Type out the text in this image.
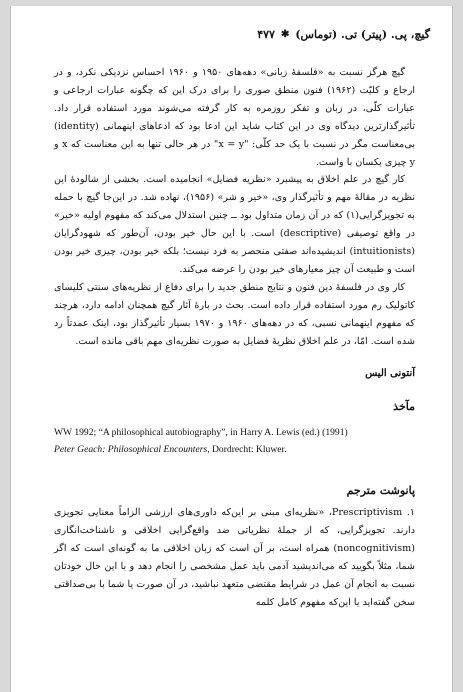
گیچ، پی. (پیتر) تی. (توماس)
✱
۴۷۷

گیچ هرگز نسبت به «فلسفهٔ زبانی» دهه‌های ۱۹۵۰ و ۱۹۶۰ احساس نزدیکی نکرد، و در ارجاع و کلیّت (۱۹۶۲) فنون منطق صوری را برای درک این که چگونه عبارات ارجاعی و عبارات کلّی، در زبان و تفکر روزمره به کار گرفته می‌شوند مورد استفاده قرار داد. تأثیرگذارترین دیدگاه وی در این کتاب شاید این ادعا بود که ادعاهای اینهمانی (identity) بی‌معناست مگر در نسبت با یک حد کلّی: "x = y" در هر حالی تنها به این معناست که x و y چیزی یکسان با واست.

کار گیچ در علم اخلاق به پیشبرد «نظریه فضایل» انجامیده است. بخشی از شالودهٔ این نظریه در مقالهٔ مهم و تأثیرگذار وی، «خیر و شر» (۱۹۵۶)، نهاده شد. در این‌جا گیچ با حمله به تجویزگرایی(۱) که در آن زمان متداول بود ــ چنین استدلال می‌کند که مفهوم اولیه «خیر» در واقع توصیفی (descriptive) است. با این حال خیر بودن، آن‌طور که شهودگرایان (intuitionists) اندیشیده‌اند صفتی منحصر به فرد نیست؛ بلکه خیر بودن، چیزی خیر بودن است و طبیعت آن چیز معیارهای خیر بودن را عرضه می‌کند.

کار وی در فلسفهٔ دین فنون و نتایج منطق جدید را برای دفاع از نظریه‌های سنتی کلیسای کاتولیک رم مورد استفاده قرار داده است. بحث در بارهٔ آثار گیچ همچنان ادامه دارد، هرچند که مفهوم اینهمانی نسبی، که در دهه‌های ۱۹۶۰ و ۱۹۷۰ بسیار تأثیرگذار بود، اینک عمدتاً رد شده است. امّا، در علم اخلاق نظریهٔ فضایل به صورت نظریه‌ای مهم باقی مانده است.

آنتونی الیس
مآخذ
WW 1992; “A philosophical autobiography”, in Harry A. Lewis (ed.) (1991)
Peter Geach: Philosophical Encounters, Dordrecht: Kluwer.
پانوشت مترجم

۱. Prescriptivism، «نظریه‌ای مبنی بر این‌که داوری‌های ارزشی الزاماً معنایی تجویزی دارند. تجویزگرایی، که از جملهٔ نظریاتی ضد واقع‌گرایی اخلاقی و ناشناخت‌انگاری (noncognitivism) همراه است، بر آن است که زبان اخلاقی ما به گونه‌ای است که اگر شما، مثلاً بگویید که می‌اندیشید آدمی باید عمل مشخصی را انجام دهد و با این حال خودتان نسبت به انجام آن عمل در شرایط مقتضی متعهد نباشید، در آن صورت یا شما با بی‌صداقتی سخن گفته‌اید یا این‌که مفهوم کامل کلمه
